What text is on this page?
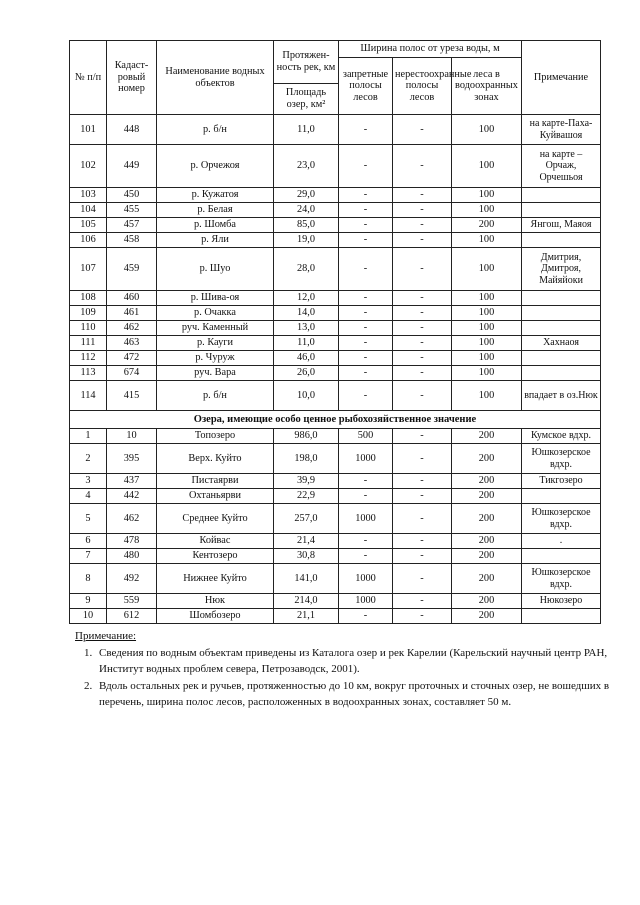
№ п/п	Кадаст-ровый номер	Наименование водных объектов	Протяжен-ность рек, км	Ширина полос от уреза воды, м			Примечание
				запретные полосы лесов	нерестоохранные полосы лесов	леса в водоохранных зонах	
			Площадь озер, км²				
101	448	р. б/н	11,0	-	-	100	на карте-Паха-Куйвашоя
102	449	р. Орчежоя	23,0	-	-	100	на карте – Орчаж, Орчешьоя
103	450	р. Кужатоя	29,0	-	-	100	
104	455	р. Белая	24,0	-	-	100	
105	457	р. Шомба	85,0	-	-	200	Янгош, Маяоя
106	458	р. Яли	19,0	-	-	100	
107	459	р. Шуо	28,0	-	-	100	Дмитрия, Дмитроя, Майяйоки
108	460	р. Шива-оя	12,0	-	-	100	
109	461	р. Очакка	14,0	-	-	100	
110	462	руч. Каменный	13,0	-	-	100	
111	463	р. Кауги	11,0	-	-	100	Хахнаоя
112	472	р. Чуруж	46,0	-	-	100	
113	674	руч. Вара	26,0	-	-	100	
114	415	р. б/н	10,0	-	-	100	впадает в оз.Нюк
Озера, имеющие особо ценное рыбохозяйственное значение							
1	10	Топозеро	986,0	500	-	200	Кумское вдхр.
2	395	Верх. Куйто	198,0	1000	-	200	Юшкозерское вдхр.
3	437	Пистаярви	39,9	-	-	200	Тикгозеро
4	442	Охтаньярви	22,9	-	-	200	
5	462	Среднее Куйто	257,0	1000	-	200	Юшкозерское вдхр.
6	478	Койвас	21,4	-	-	200	.
7	480	Кентозеро	30,8	-	-	200	
8	492	Нижнее Куйто	141,0	1000	-	200	Юшкозерское вдхр.
9	559	Нюк	214,0	1000	-	200	Нюкозеро
10	612	Шомбозеро	21,1	-	-	200	
Примечание:
1. Сведения по водным объектам приведены из Каталога озер и рек Карелии (Карельский научный центр РАН, Институт водных проблем севера, Петрозаводск, 2001).
2. Вдоль остальных рек и ручьев, протяженностью до 10 км, вокруг проточных и сточных озер, не вошедших в перечень, ширина полос лесов, расположенных в водоохранных зонах, составляет 50 м.
